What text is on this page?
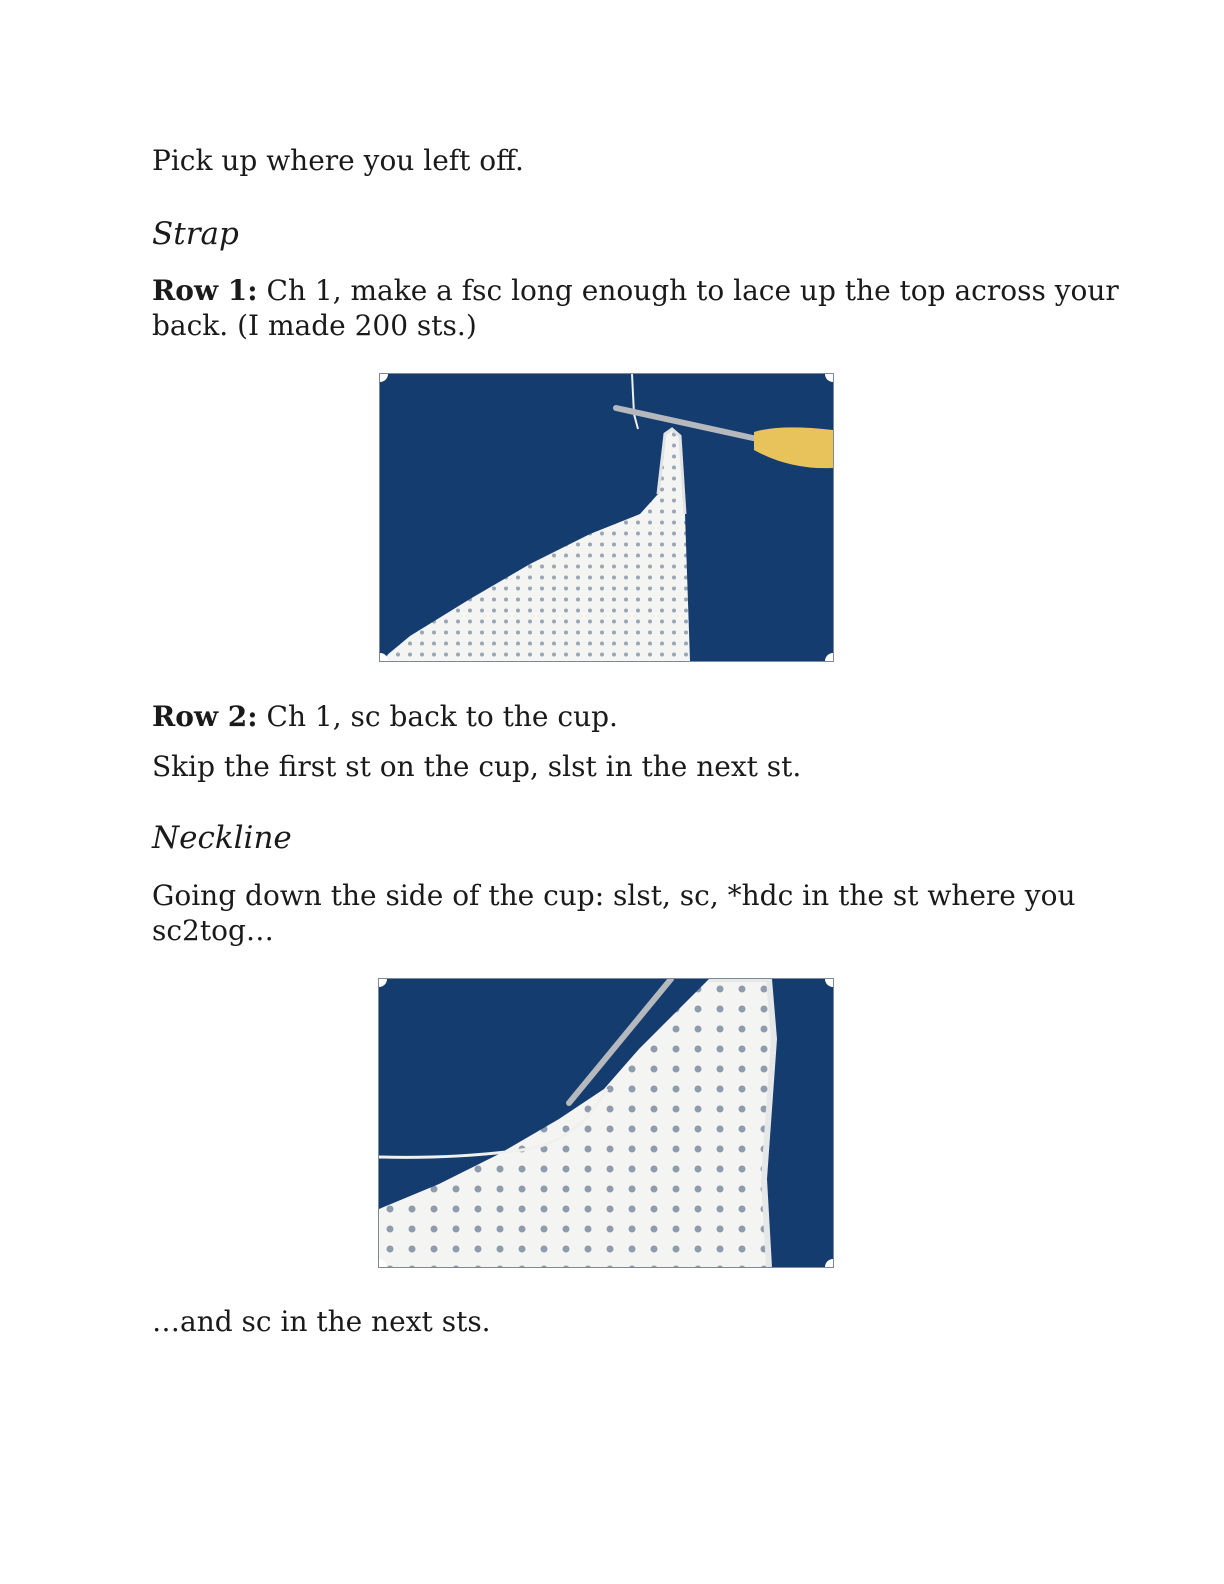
Pick up where you left off.

Strap

Row 1: Ch 1, make a fsc long enough to lace up the top across your

back. (I made 200 sts.)

Row 2: Ch 1, sc back to the cup.

Skip the first st on the cup, slst in the next st.

Neckline

Going down the side of the cup: slst, sc, *hdc in the st where you

sc2tog…

…and sc in the next sts.
